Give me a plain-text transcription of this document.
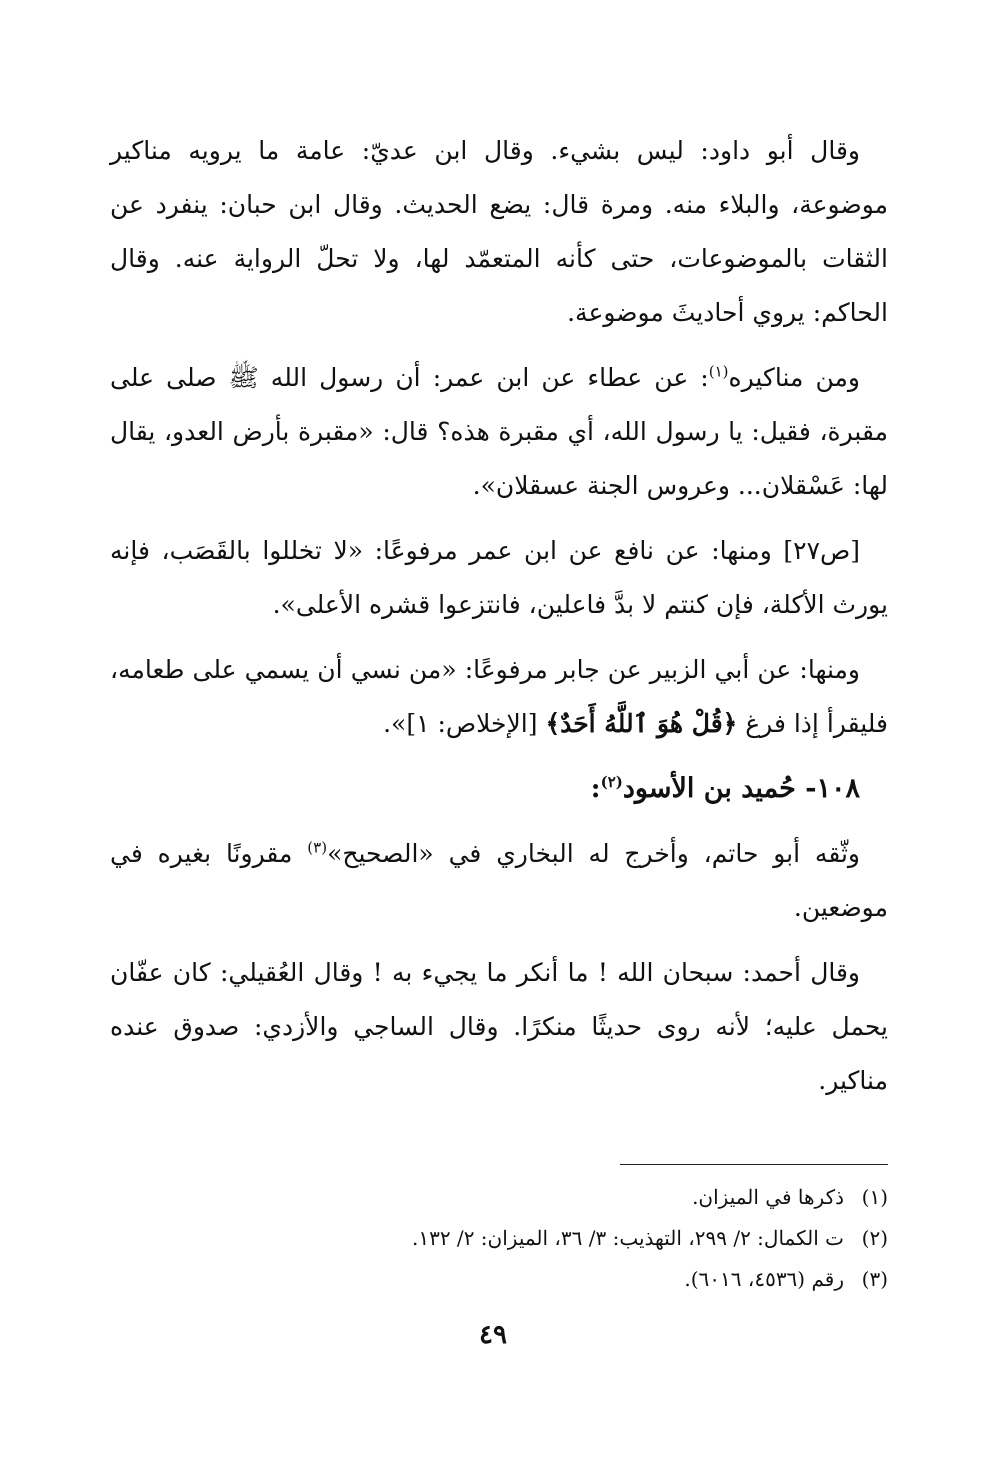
وقال أبو داود: ليس بشيء. وقال ابن عديّ: عامة ما يرويه مناكير موضوعة، والبلاء منه. ومرة قال: يضع الحديث. وقال ابن حبان: ينفرد عن الثقات بالموضوعات، حتى كأنه المتعمّد لها، ولا تحلّ الرواية عنه. وقال الحاكم: يروي أحاديثَ موضوعة.

ومن مناكيره$^{(١)}$: عن عطاء عن ابن عمر: أن رسول الله ﷺ صلى على مقبرة، فقيل: يا رسول الله، أي مقبرة هذه؟ قال: «مقبرة بأرض العدو، يقال لها: عَسْقلان... وعروس الجنة عسقلان».

[ص٢٧] ومنها: عن نافع عن ابن عمر مرفوعًا: «لا تخللوا بالقَصَب، فإنه يورث الأكلة، فإن كنتم لا بدَّ فاعلين، فانتزعوا قشره الأعلى».

ومنها: عن أبي الزبير عن جابر مرفوعًا: «من نسي أن يسمي على طعامه، فليقرأ إذا فرغ ﴿قُلْ هُوَ ٱللَّهُ أَحَدٌ﴾ [الإخلاص: ١]».

١٠٨- حُميد بن الأسود$^{(٢)}$:

وثّقه أبو حاتم، وأخرج له البخاري في «الصحيح»$^{(٣)}$ مقرونًا بغيره في موضعين.

وقال أحمد: سبحان الله ! ما أنكر ما يجيء به ! وقال العُقيلي: كان عفّان يحمل عليه؛ لأنه روى حديثًا منكرًا. وقال الساجي والأزدي: صدوق عنده مناكير.

(١)ذكرها في الميزان.

(٢)ت الكمال: ٢/ ٢٩٩، التهذيب: ٣/ ٣٦، الميزان: ٢/ ١٣٢.

(٣)رقم (٤٥٣٦، ٦٠١٦).

٤٩
